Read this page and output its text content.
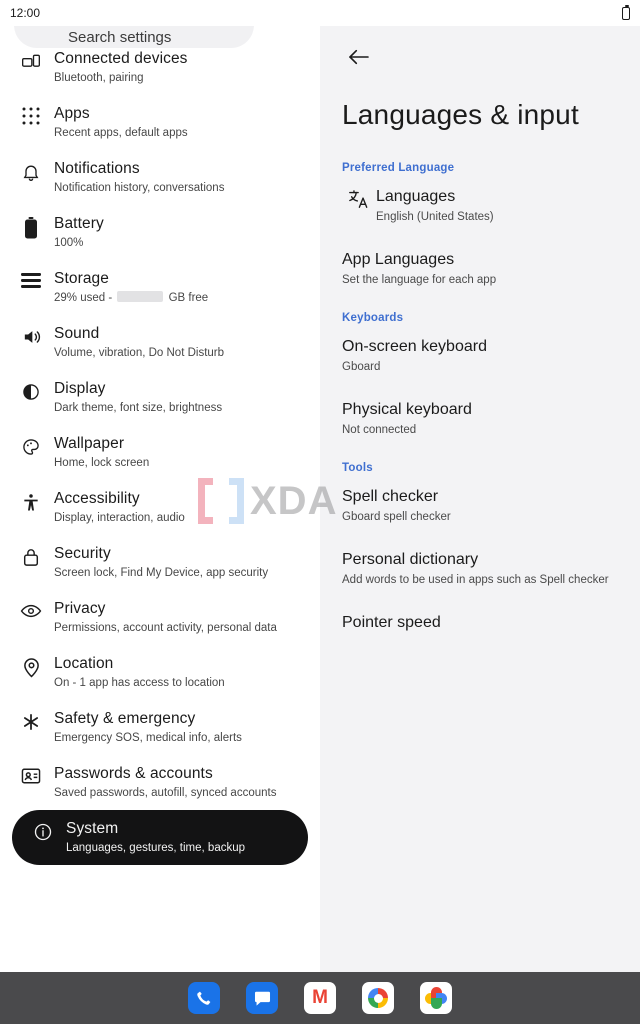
12:00
Search settings
Connected devices
Bluetooth, pairing
Apps
Recent apps, default apps
Notifications
Notification history, conversations
Battery
100%
Storage
29% used -	GB free
Sound
Volume, vibration, Do Not Disturb
Display
Dark theme, font size, brightness
Wallpaper
Home, lock screen
Accessibility
Display, interaction, audio
Security
Screen lock, Find My Device, app security
Privacy
Permissions, account activity, personal data
Location
On - 1 app has access to location
Safety & emergency
Emergency SOS, medical info, alerts
Passwords & accounts
Saved passwords, autofill, synced accounts
System
Languages, gestures, time, backup
Languages & input
Preferred Language
Languages
English (United States)
App Languages
Set the language for each app
Keyboards
On-screen keyboard
Gboard
Physical keyboard
Not connected
Tools
Spell checker
Gboard spell checker
Personal dictionary
Add words to be used in apps such as Spell checker
Pointer speed
XDA
M
